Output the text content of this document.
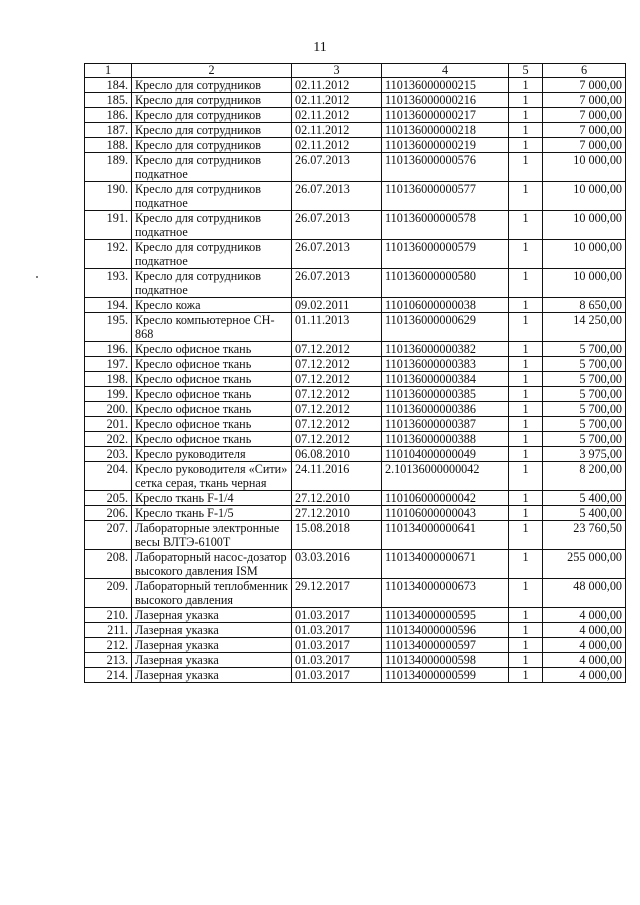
11
1	2	3	4	5	6
184.	Кресло для сотрудников	02.11.2012	110136000000215	1	7 000,00
185.	Кресло для сотрудников	02.11.2012	110136000000216	1	7 000,00
186.	Кресло для сотрудников	02.11.2012	110136000000217	1	7 000,00
187.	Кресло для сотрудников	02.11.2012	110136000000218	1	7 000,00
188.	Кресло для сотрудников	02.11.2012	110136000000219	1	7 000,00
189.	Кресло для сотрудников подкатное	26.07.2013	110136000000576	1	10 000,00
190.	Кресло для сотрудников подкатное	26.07.2013	110136000000577	1	10 000,00
191.	Кресло для сотрудников подкатное	26.07.2013	110136000000578	1	10 000,00
192.	Кресло для сотрудников подкатное	26.07.2013	110136000000579	1	10 000,00
193.	Кресло для сотрудников подкатное	26.07.2013	110136000000580	1	10 000,00
194.	Кресло кожа	09.02.2011	110106000000038	1	8 650,00
195.	Кресло компьютерное CH-868	01.11.2013	110136000000629	1	14 250,00
196.	Кресло офисное ткань	07.12.2012	110136000000382	1	5 700,00
197.	Кресло офисное ткань	07.12.2012	110136000000383	1	5 700,00
198.	Кресло офисное ткань	07.12.2012	110136000000384	1	5 700,00
199.	Кресло офисное ткань	07.12.2012	110136000000385	1	5 700,00
200.	Кресло офисное ткань	07.12.2012	110136000000386	1	5 700,00
201.	Кресло офисное ткань	07.12.2012	110136000000387	1	5 700,00
202.	Кресло офисное ткань	07.12.2012	110136000000388	1	5 700,00
203.	Кресло руководителя	06.08.2010	110104000000049	1	3 975,00
204.	Кресло руководителя «Сити» сетка серая, ткань черная	24.11.2016	2.10136000000042	1	8 200,00
205.	Кресло ткань F-1/4	27.12.2010	110106000000042	1	5 400,00
206.	Кресло ткань F-1/5	27.12.2010	110106000000043	1	5 400,00
207.	Лабораторные электронные весы ВЛТЭ-6100Т	15.08.2018	110134000000641	1	23 760,50
208.	Лабораторный насос-дозатор высокого давления ISM	03.03.2016	110134000000671	1	255 000,00
209.	Лабораторный теплобменник высокого давления	29.12.2017	110134000000673	1	48 000,00
210.	Лазерная указка	01.03.2017	110134000000595	1	4 000,00
211.	Лазерная указка	01.03.2017	110134000000596	1	4 000,00
212.	Лазерная указка	01.03.2017	110134000000597	1	4 000,00
213.	Лазерная указка	01.03.2017	110134000000598	1	4 000,00
214.	Лазерная указка	01.03.2017	110134000000599	1	4 000,00
